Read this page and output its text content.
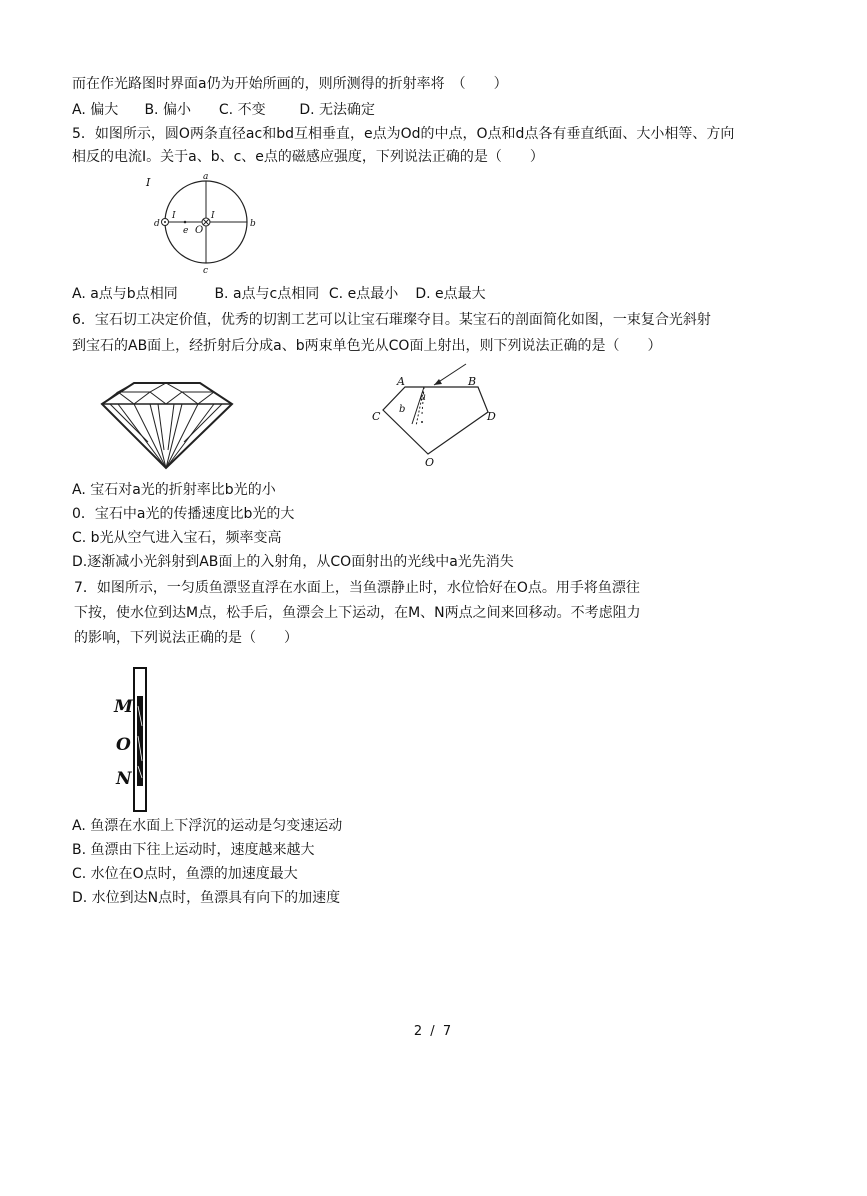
而在作光路图时界面a仍为开始所画的，则所测得的折射率将　（　　）
A. 偏大 B. 偏小 C. 不变 D. 无法确定
5．如图所示，圆O两条直径ac和bd互相垂直，e点为Od的中点，O点和d点各有垂直纸面、大小相等、方向
相反的电流I。关于a、b、c、e点的磁感应强度，下列说法正确的是（　　）
I	a
b
c
d
e O
I	I
A. a点与b点相同	B. a点与c点相同 C. e点最小 D. e点最大
6．宝石切工决定价值，优秀的切割工艺可以让宝石璀璨夺目。某宝石的剖面简化如图，一束复合光斜射
到宝石的AB面上，经折射后分成a、b两束单色光从CO面上射出，则下列说法正确的是（　　）
A	B
C	D
O
b
a
A. 宝石对a光的折射率比b光的小
0．宝石中a光的传播速度比b光的大
C. b光从空气进入宝石，频率变高
D.逐渐减小光斜射到AB面上的入射角，从CO面射出的光线中a光先消失
7．如图所示，一匀质鱼漂竖直浮在水面上，当鱼漂静止时，水位恰好在O点。用手将鱼漂往
下按，使水位到达M点，松手后，鱼漂会上下运动，在M、N两点之间来回移动。不考虑阻力
的影响，下列说法正确的是（　　）
M
O
N
A. 鱼漂在水面上下浮沉的运动是匀变速运动
B. 鱼漂由下往上运动时，速度越来越大
C. 水位在O点时，鱼漂的加速度最大
D. 水位到达N点时，鱼漂具有向下的加速度
2 / 7
